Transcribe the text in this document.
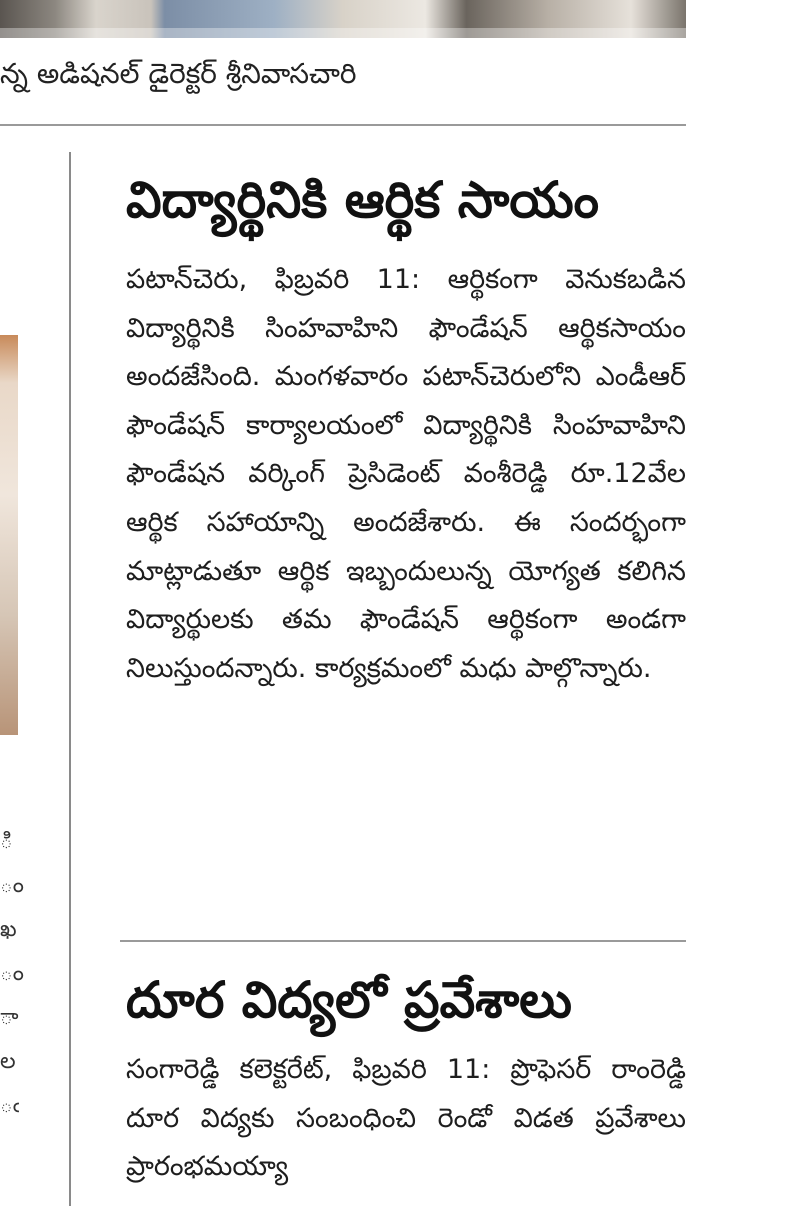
న్న అడిషనల్ డైరెక్టర్ శ్రీనివాసచారి
ి ం ఖ ం ా ల ఁ
విద్యార్థినికి ఆర్థిక సాయం

పటాన్‌చెరు, ఫిబ్రవరి 11: ఆర్థికంగా వెనుకబడిన విద్యార్థినికి సింహవాహిని ఫౌండేషన్ ఆర్థికసాయం అందజేసింది. మంగళవారం పటాన్‌చెరులోని ఎండీఆర్ ఫౌండేషన్ కార్యాలయంలో విద్యార్థినికి సింహవాహిని ఫౌండేషన వర్కింగ్ ప్రెసిడెంట్ వంశీరెడ్డి రూ.12వేల ఆర్థిక సహాయాన్ని అందజేశారు. ఈ సందర్భంగా మాట్లాడుతూ ఆర్థిక ఇబ్బందులున్న యోగ్యత కలిగిన విద్యార్థులకు తమ ఫౌండేషన్ ఆర్థికంగా అండగా నిలుస్తుందన్నారు. కార్యక్రమంలో మధు పాల్గొన్నారు.

దూర విద్యలో ప్రవేశాలు

సంగారెడ్డి కలెక్టరేట్, ఫిబ్రవరి 11: ప్రొఫెసర్ రాంరెడ్డి దూర విద్యకు సంబంధించి రెండో విడత ప్రవేశాలు ప్రారంభమయ్యా
